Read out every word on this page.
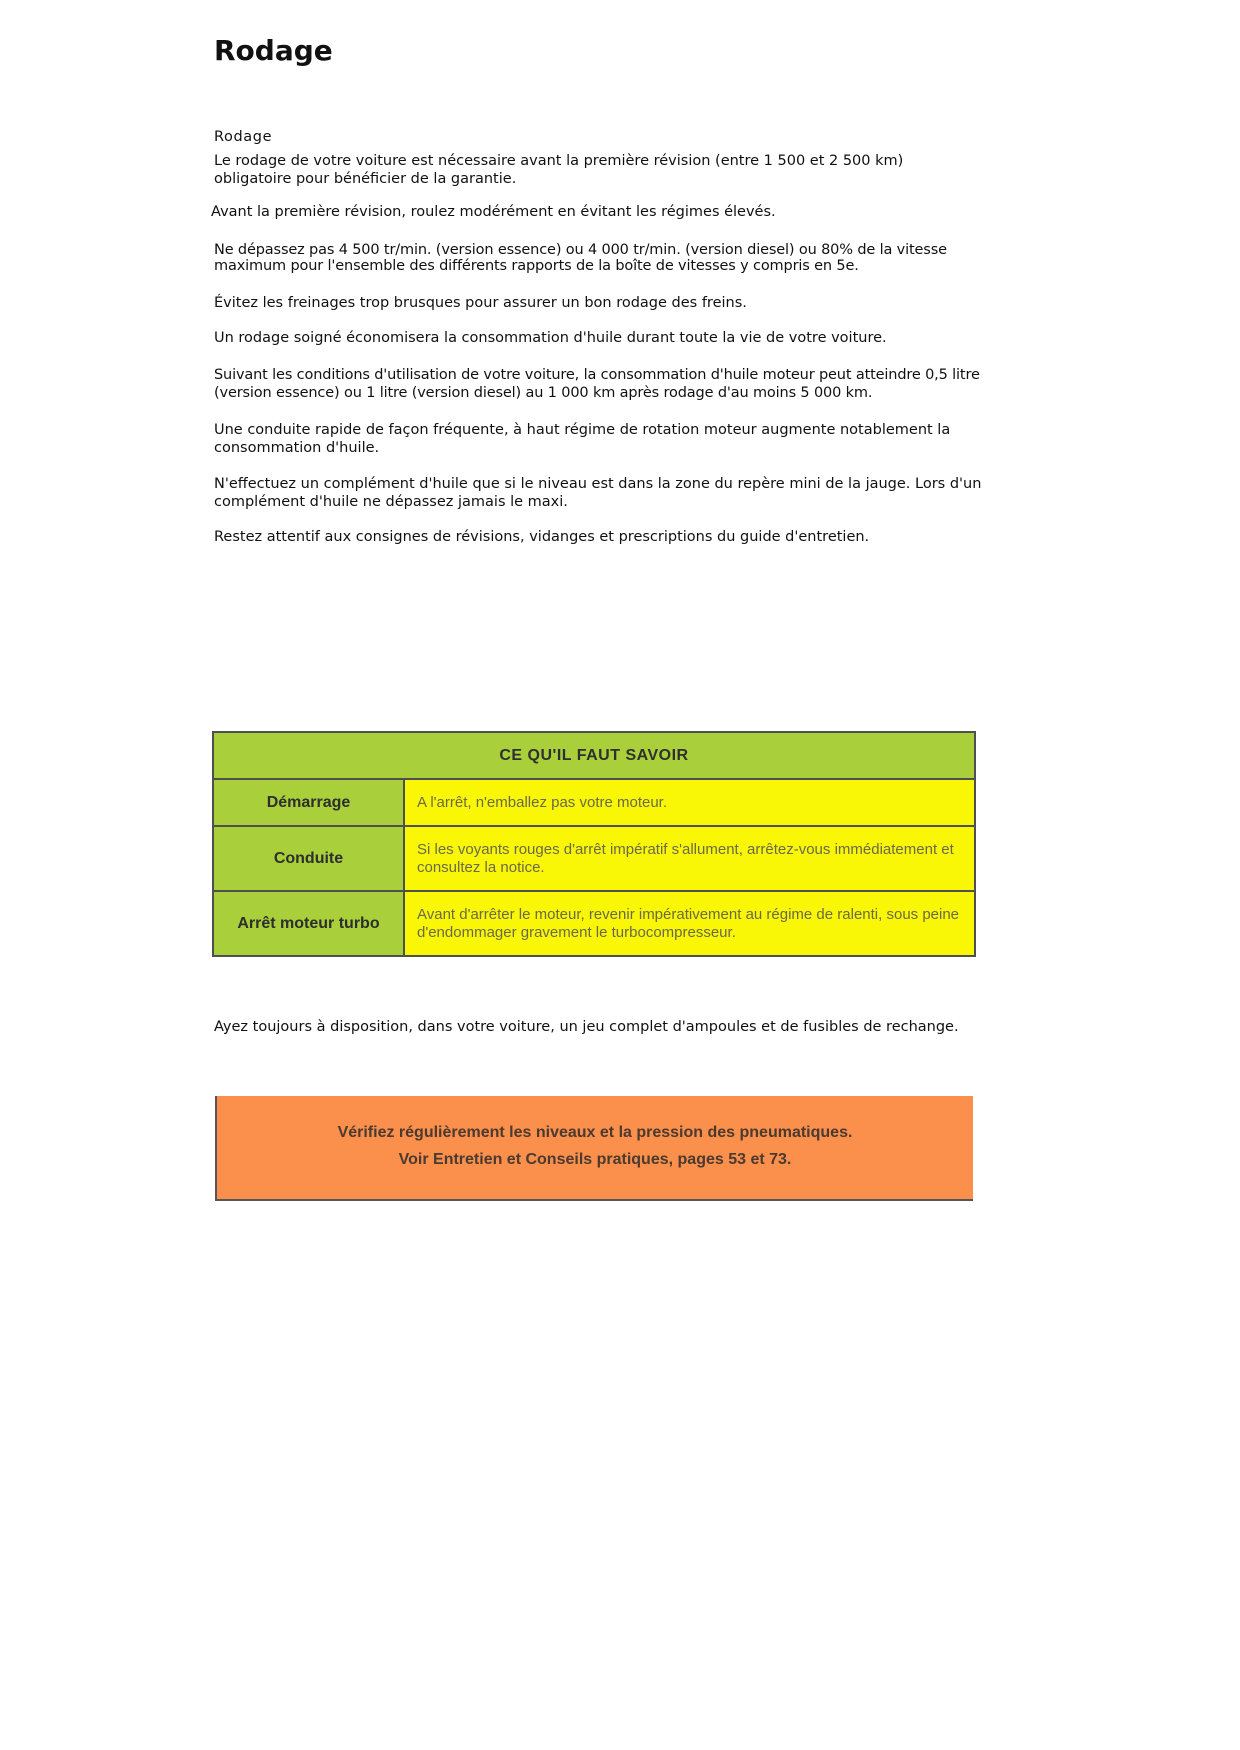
Rodage
Rodage

Le rodage de votre voiture est nécessaire avant la première révision (entre 1 500 et 2 500 km) obligatoire pour bénéficier de la garantie.

Avant la première révision, roulez modérément en évitant les régimes élevés.

Ne dépassez pas 4 500 tr/min. (version essence) ou 4 000 tr/min. (version diesel) ou 80% de la vitesse maximum pour l'ensemble des différents rapports de la boîte de vitesses y compris en 5e.

Évitez les freinages trop brusques pour assurer un bon rodage des freins.

Un rodage soigné économisera la consommation d'huile durant toute la vie de votre voiture.

Suivant les conditions d'utilisation de votre voiture, la consommation d'huile moteur peut atteindre 0,5 litre (version essence) ou 1 litre (version diesel) au 1 000 km après rodage d'au moins 5 000 km.

Une conduite rapide de façon fréquente, à haut régime de rotation moteur augmente notablement la consommation d'huile.

N'effectuez un complément d'huile que si le niveau est dans la zone du repère mini de la jauge. Lors d'un complément d'huile ne dépassez jamais le maxi.

Restez attentif aux consignes de révisions, vidanges et prescriptions du guide d'entretien.

CE QU'IL FAUT SAVOIR
Démarrage	A l'arrêt, n'emballez pas votre moteur.
Conduite
Si les voyants rouges d'arrêt impératif s'allument, arrêtez-vous immédiatement et consultez la notice.
Arrêt moteur turbo
Avant d'arrêter le moteur, revenir impérativement au régime de ralenti, sous peine d'endommager gravement le turbocompresseur.

Ayez toujours à disposition, dans votre voiture, un jeu complet d'ampoules et de fusibles de rechange.

Vérifiez régulièrement les niveaux et la pression des pneumatiques.
Voir Entretien et Conseils pratiques, pages 53 et 73.
